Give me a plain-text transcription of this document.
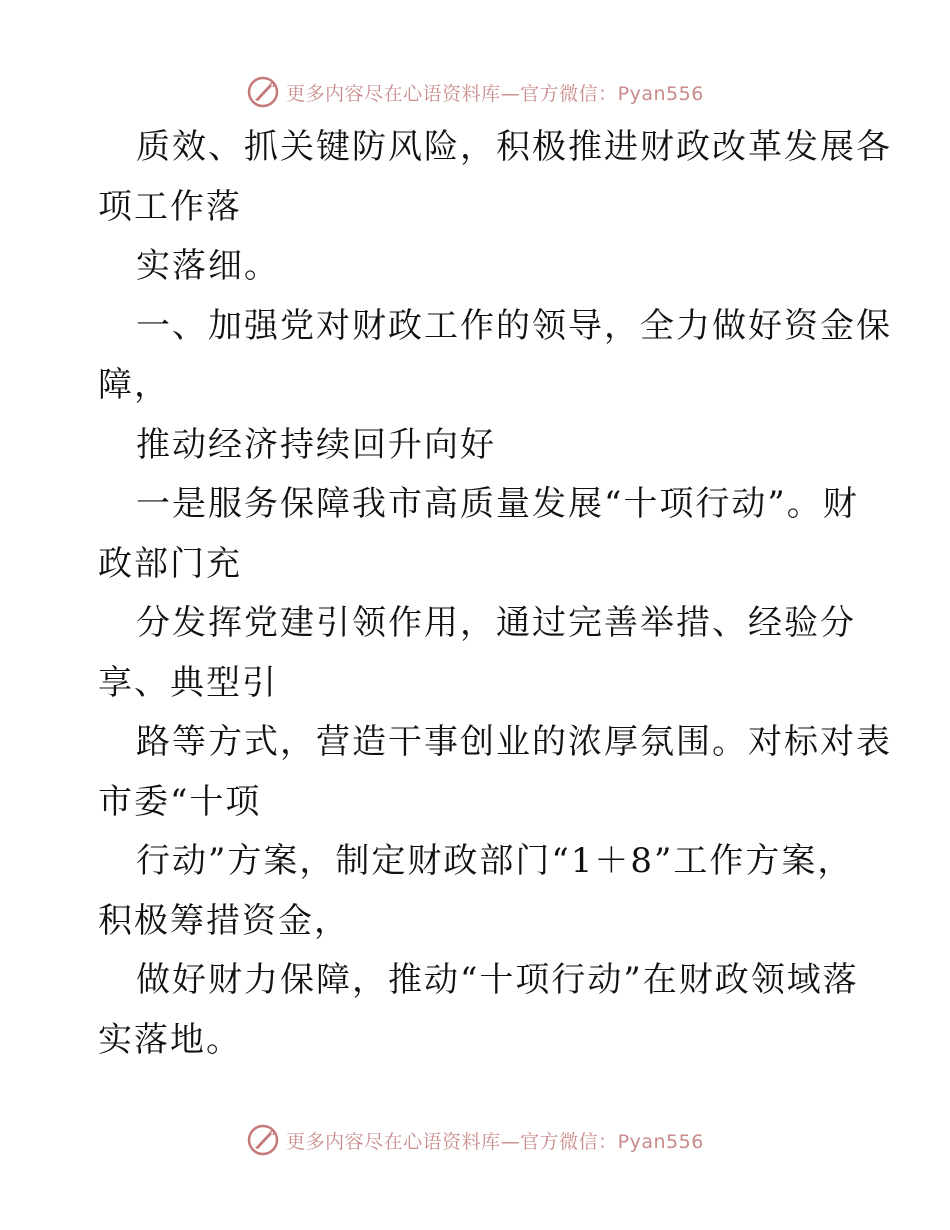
更多内容尽在心语资料库—官方微信：Pyan556
质效、抓关键防风险，积极推进财政改革发展各
项工作落
实落细。
一、加强党对财政工作的领导，全力做好资金保
障，
推动经济持续回升向好
一是服务保障我市高质量发展“十项行动”。财
政部门充
分发挥党建引领作用，通过完善举措、经验分
享、典型引
路等方式，营造干事创业的浓厚氛围。对标对表
市委“十项
行动”方案，制定财政部门“1＋8”工作方案，
积极筹措资金，
做好财力保障，推动“十项行动”在财政领域落
实落地。
更多内容尽在心语资料库—官方微信：Pyan556
